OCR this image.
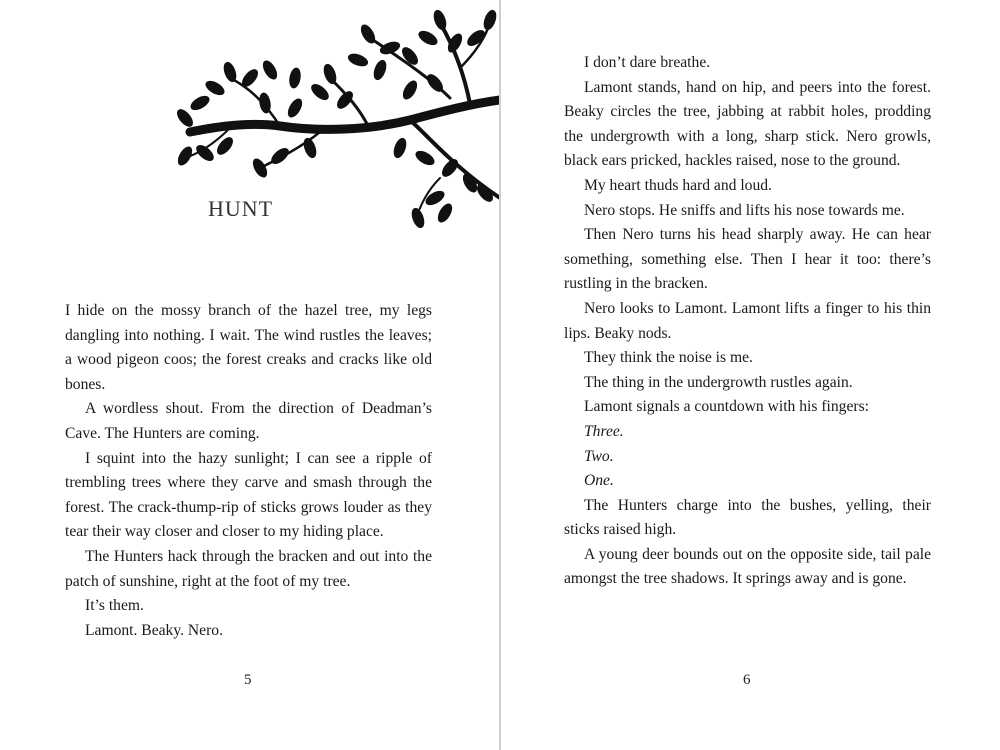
HUNT

I hide on the mossy branch of the hazel tree, my legs dangling into nothing. I wait. The wind rustles the leaves; a wood pigeon coos; the forest creaks and cracks like old bones.

A wordless shout. From the direction of Deadman’s Cave. The Hunters are coming.

I squint into the hazy sunlight; I can see a ripple of trembling trees where they carve and smash through the forest. The crack-thump-rip of sticks grows louder as they tear their way closer and closer to my hiding place.

The Hunters hack through the bracken and out into the patch of sunshine, right at the foot of my tree.

It’s them.

Lamont. Beaky. Nero.

5

I don’t dare breathe.

Lamont stands, hand on hip, and peers into the forest. Beaky circles the tree, jabbing at rabbit holes, prodding the undergrowth with a long, sharp stick. Nero growls, black ears pricked, hackles raised, nose to the ground.

My heart thuds hard and loud.

Nero stops. He sniffs and lifts his nose towards me.

Then Nero turns his head sharply away. He can hear something, something else. Then I hear it too: there’s rustling in the bracken.

Nero looks to Lamont. Lamont lifts a finger to his thin lips. Beaky nods.

They think the noise is me.

The thing in the undergrowth rustles again.

Lamont signals a countdown with his fingers:

Three.

Two.

One.

The Hunters charge into the bushes, yelling, their sticks raised high.

A young deer bounds out on the opposite side, tail pale amongst the tree shadows. It springs away and is gone.

6
